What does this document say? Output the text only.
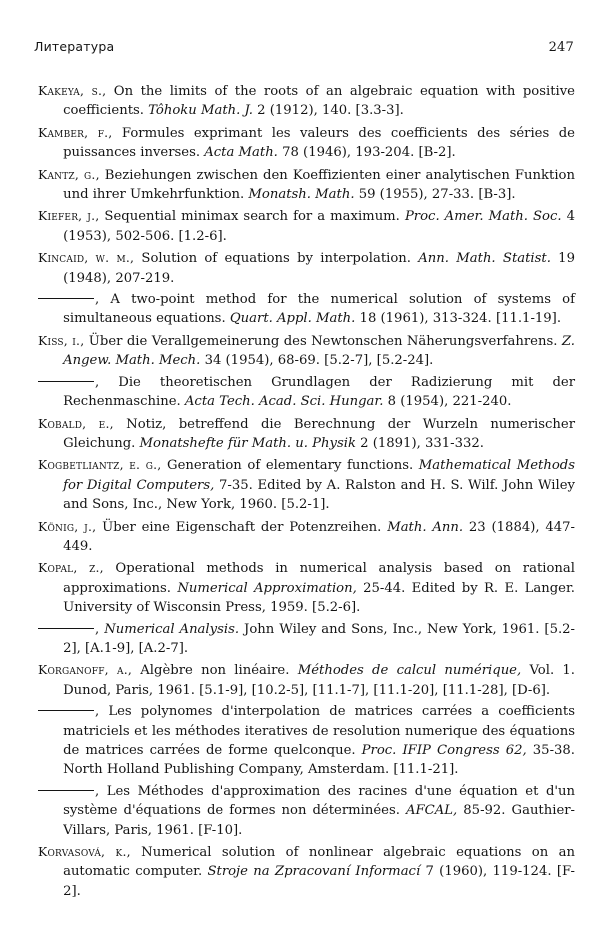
Литература	247

Kakeya, s., On the limits of the roots of an algebraic equation with positive coefficients. Tôhoku Math. J. 2 (1912), 140. [3.3-3].

Kamber, f., Formules exprimant les valeurs des coefficients des séries de puissances inverses. Acta Math. 78 (1946), 193-204. [B-2].

Kantz, g., Beziehungen zwischen den Koeffizienten einer analytischen Funktion und ihrer Umkehrfunktion. Monatsh. Math. 59 (1955), 27-33. [B-3].

Kiefer, j., Sequential minimax search for a maximum. Proc. Amer. Math. Soc. 4 (1953), 502-506. [1.2-6].

Kincaid, w. m., Solution of equations by interpolation. Ann. Math. Statist. 19 (1948), 207-219.

, A two-point method for the numerical solution of systems of simultaneous equations. Quart. Appl. Math. 18 (1961), 313-324. [11.1-19].

Kiss, i., Über die Verallgemeinerung des Newtonschen Näherungsverfahrens. Z. Angew. Math. Mech. 34 (1954), 68-69. [5.2-7], [5.2-24].

, Die theoretischen Grundlagen der Radizierung mit der Rechenmaschine. Acta Tech. Acad. Sci. Hungar. 8 (1954), 221-240.

Kobald, e., Notiz, betreffend die Berechnung der Wurzeln numerischer Gleichung. Monatshefte für Math. u. Physik 2 (1891), 331-332.

Kogbetliantz, e. g., Generation of elementary functions. Mathematical Methods for Digital Computers, 7-35. Edited by A. Ralston and H. S. Wilf. John Wiley and Sons, Inc., New York, 1960. [5.2-1].

König, j., Über eine Eigenschaft der Potenzreihen. Math. Ann. 23 (1884), 447-449.

Kopal, z., Operational methods in numerical analysis based on rational approximations. Numerical Approximation, 25-44. Edited by R. E. Langer. University of Wisconsin Press, 1959. [5.2-6].

, Numerical Analysis. John Wiley and Sons, Inc., New York, 1961. [5.2-2], [A.1-9], [A.2-7].

Korganoff, a., Algèbre non linéaire. Méthodes de calcul numérique, Vol. 1. Dunod, Paris, 1961. [5.1-9], [10.2-5], [11.1-7], [11.1-20], [11.1-28], [D-6].

, Les polynomes d'interpolation de matrices carrées a coefficients matriciels et les méthodes iteratives de resolution numerique des équations de matrices carrées de forme quelconque. Proc. IFIP Congress 62, 35-38. North Holland Publishing Company, Amsterdam. [11.1-21].

, Les Méthodes d'approximation des racines d'une équation et d'un système d'équations de formes non déterminées. AFCAL, 85-92. Gauthier-Villars, Paris, 1961. [F-10].

Korvasová, k., Numerical solution of nonlinear algebraic equations on an automatic computer. Stroje na Zpracovaní Informací 7 (1960), 119-124. [F-2].
